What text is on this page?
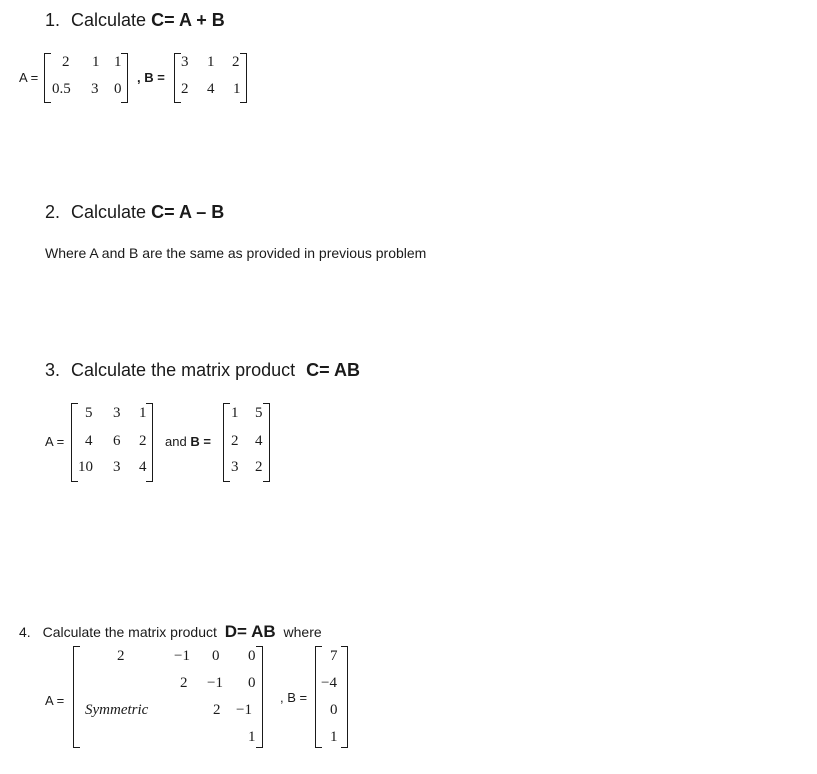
1. Calculate C= A + B
A =
2 1 1
0.5 3 0
, B =
3 1 2
2 4 1
2. Calculate C= A – B
Where A and B are the same as provided in previous problem
3. Calculate the matrix product C= AB
A =
5 3 1
4 6 2
10 3 4
and B =
1 5
2 4
3 2
4. Calculate the matrix product D= AB where
A =
2	−1 0 0
2 −1 0
Symmetric	2 −1
1
, B =
7
−4
0
1
